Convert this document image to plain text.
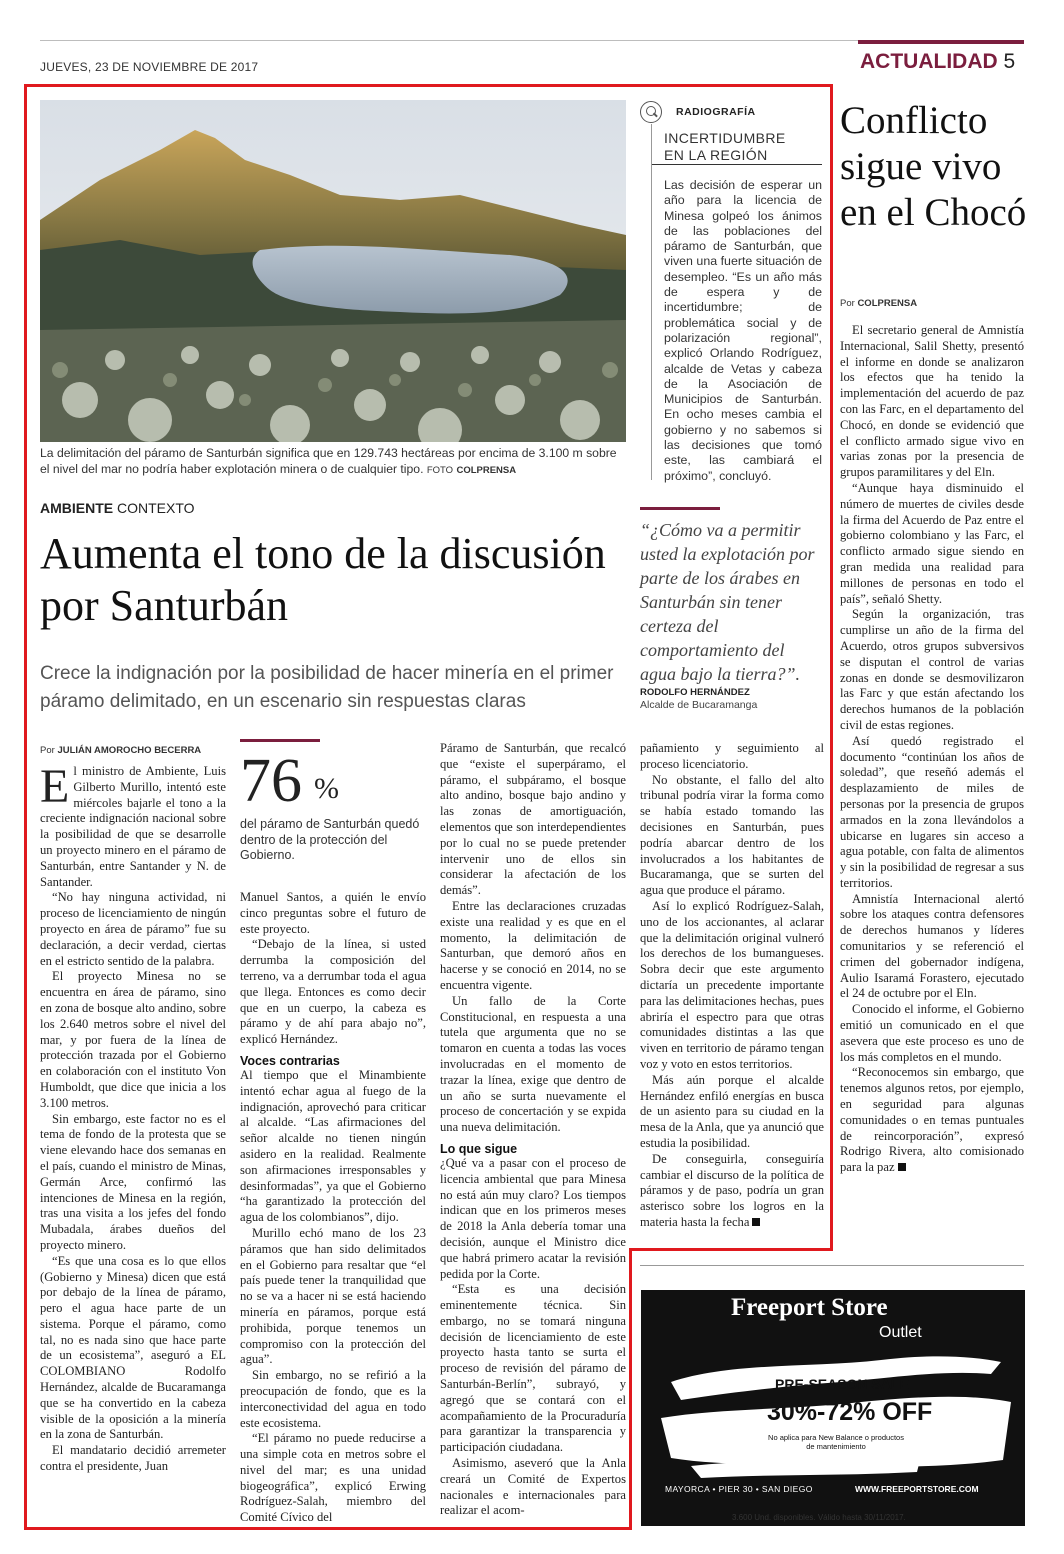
JUEVES, 23 DE NOVIEMBRE DE 2017	ACTUALIDAD 5
La delimitación del páramo de Santurbán significa que en 129.743 hectáreas por encima de 3.100 m sobre el nivel del mar no podría haber explotación minera o de cualquier tipo. FOTO COLPRENSA
AMBIENTE CONTEXTO
Aumenta el tono de la discusión por Santurbán
Crece la indignación por la posibilidad de hacer minería en el primer páramo delimitado, en un escenario sin respuestas claras
Por JULIÁN AMOROCHO BECERRA

El ministro de Ambiente, Luis Gilberto Murillo, intentó este miércoles bajarle el tono a la creciente indignación nacional sobre la posibilidad de que se desarrolle un proyecto minero en el páramo de Santurbán, entre Santander y N. de Santander.

“No hay ninguna actividad, ni proceso de licenciamiento de ningún proyecto en área de páramo” fue su declaración, a decir verdad, ciertas en el estricto sentido de la palabra.

El proyecto Minesa no se encuentra en área de páramo, sino en zona de bosque alto andino, sobre los 2.640 metros sobre el nivel del mar, y por fuera de la línea de protección trazada por el Gobierno en colaboración con el instituto Von Humboldt, que dice que inicia a los 3.100 metros.

Sin embargo, este factor no es el tema de fondo de la protesta que se viene elevando hace dos semanas en el país, cuando el ministro de Minas, Germán Arce, confirmó las intenciones de Minesa en la región, tras una visita a los jefes del fondo Mubadala, árabes dueños del proyecto minero.

“Es que una cosa es lo que ellos (Gobierno y Minesa) dicen que está por debajo de la línea de páramo, pero el agua hace parte de un sistema. Porque el páramo, como tal, no es nada sino que hace parte de un ecosistema”, aseguró a EL COLOMBIANO Rodolfo Hernández, alcalde de Bucaramanga que se ha convertido en la cabeza visible de la oposición a la minería en la zona de Santurbán.

El mandatario decidió arremeter contra el presidente, Juan

76 %
del páramo de Santurbán quedó dentro de la protección del Gobierno.

Manuel Santos, a quién le envío cinco preguntas sobre el futuro de este proyecto.

“Debajo de la línea, si usted derrumba la composición del terreno, va a derrumbar toda el agua que llega. Entonces es como decir que en un cuerpo, la cabeza es páramo y de ahí para abajo no”, explicó Hernández.

Voces contrarias

Al tiempo que el Minambiente intentó echar agua al fuego de la indignación, aprovechó para criticar al alcalde. “Las afirmaciones del señor alcalde no tienen ningún asidero en la realidad. Realmente son afirmaciones irresponsables y desinformadas”, ya que el Gobierno “ha garantizado la protección del agua de los colombianos”, dijo.

Murillo echó mano de los 23 páramos que han sido delimitados en el Gobierno para resaltar que “el país puede tener la tranquilidad que no se va a hacer ni se está haciendo minería en páramos, porque está prohibida, porque tenemos un compromiso con la protección del agua”.

Sin embargo, no se refirió a la preocupación de fondo, que es la interconectividad del agua en todo este ecosistema.

“El páramo no puede reducirse a una simple cota en metros sobre el nivel del mar; es una unidad biogeográfica”, explicó Erwing Rodríguez-Salah, miembro del Comité Cívico del

Páramo de Santurbán, que recalcó que “existe el superpáramo, el páramo, el subpáramo, el bosque alto andino, bosque bajo andino y las zonas de amortiguación, elementos que son interdependientes por lo cual no se puede pretender intervenir uno de ellos sin considerar la afectación de los demás”.

Entre las declaraciones cruzadas existe una realidad y es que en el momento, la delimitación de Santurban, que demoró años en hacerse y se conoció en 2014, no se encuentra vigente.

Un fallo de la Corte Constitucional, en respuesta a una tutela que argumenta que no se tomaron en cuenta a todas las voces involucradas en el momento de trazar la línea, exige que dentro de un año se surta nuevamente el proceso de concertación y se expida una nueva delimitación.

Lo que sigue

¿Qué va a pasar con el proceso de licencia ambiental que para Minesa no está aún muy claro? Los tiempos indican que en los primeros meses de 2018 la Anla debería tomar una decisión, aunque el Ministro dice que habrá primero acatar la revisión pedida por la Corte.

“Esta es una decisión eminentemente técnica. Sin embargo, no se tomará ninguna decisión de licenciamiento de este proyecto hasta tanto se surta el proceso de revisión del páramo de Santurbán-Berlín”, subrayó, y agregó que se contará con el acompañamiento de la Procuraduría para garantizar la transparencia y participación ciudadana.

Asimismo, aseveró que la Anla creará un Comité de Expertos nacionales e internacionales para realizar el acom-

pañamiento y seguimiento al proceso licenciatorio.

No obstante, el fallo del alto tribunal podría virar la forma como se había estado tomando las decisiones en Santurbán, pues podría abarcar dentro de los involucrados a los habitantes de Bucaramanga, que se surten del agua que produce el páramo.

Así lo explicó Rodríguez-Salah, uno de los accionantes, al aclarar que la delimitación original vulneró los derechos de los bumangueses. Sobra decir que este argumento dictaría un precedente importante para las delimitaciones hechas, pues abriría el espectro para que otras comunidades distintas a las que viven en territorio de páramo tengan voz y voto en estos territorios.

Más aún porque el alcalde Hernández enfiló energías en busca de un asiento para su ciudad en la mesa de la Anla, que ya anunció que estudia la posibilidad.

De conseguirla, conseguiría cambiar el discurso de la política de páramos y de paso, podría un gran asterisco sobre los logros en la materia hasta la fecha

RADIOGRAFÍA
INCERTIDUMBRE
EN LA REGIÓN

Las decisión de esperar un año para la licencia de Minesa golpeó los ánimos de las poblaciones del páramo de Santurbán, que viven una fuerte situación de desempleo. “Es un año más de espera y de incertidumbre; de problemática social y de polarización regional”, explicó Orlando Rodríguez, alcalde de Vetas y cabeza de la Asociación de Municipios de Santurbán. En ocho meses cambia el gobierno y no sabemos si las decisiones que tomó este, las cambiará el próximo”, concluyó.

“¿Cómo va a permitir usted la explotación por parte de los árabes en Santurbán sin tener certeza del comportamiento del agua bajo la tierra?”.
RODOLFO HERNÁNDEZ
Alcalde de Bucaramanga
Conflicto sigue vivo en el Chocó
Por COLPRENSA

El secretario general de Amnistía Internacional, Salil Shetty, presentó el informe en donde se analizaron los efectos que ha tenido la implementación del acuerdo de paz con las Farc, en el departamento del Chocó, en donde se evidenció que el conflicto armado sigue vivo en varias zonas por la presencia de grupos paramilitares y del Eln.

“Aunque haya disminuido el número de muertes de civiles desde la firma del Acuerdo de Paz entre el gobierno colombiano y las Farc, el conflicto armado sigue siendo en gran medida una realidad para millones de personas en todo el país”, señaló Shetty.

Según la organización, tras cumplirse un año de la firma del Acuerdo, otros grupos subversivos se disputan el control de varias zonas en donde se desmovilizaron las Farc y que están afectando los derechos humanos de la población civil de estas regiones.

Así quedó registrado el documento “continúan los años de soledad”, que reseñó además el desplazamiento de miles de personas por la presencia de grupos armados en la zona llevándolos a ubicarse en lugares sin acceso a agua potable, con falta de alimentos y sin la posibilidad de regresar a sus territorios.

Amnistía Internacional alertó sobre los ataques contra defensores de derechos humanos y líderes comunitarios y se referenció el crimen del gobernador indígena, Aulio Isaramá Forastero, ejecutado el 24 de octubre por el Eln.

Conocido el informe, el Gobierno emitió un comunicado en el que asevera que este proceso es uno de los más completos en el mundo.

“Reconocemos sin embargo, que tenemos algunos retos, por ejemplo, en seguridad para algunas comunidades o en temas puntuales de reincorporación”, expresó Rodrigo Rivera, alto comisionado para la paz

Freeport Store
Outlet
PRE-SEASON SALE
30%-72% OFF
No aplica para New Balance o productos de mantenimiento
MAYORCA • PIER 30 • SAN DIEGO	WWW.FREEPORTSTORE.COM
3.600 Und. disponibles. Válido hasta 30/11/2017.
